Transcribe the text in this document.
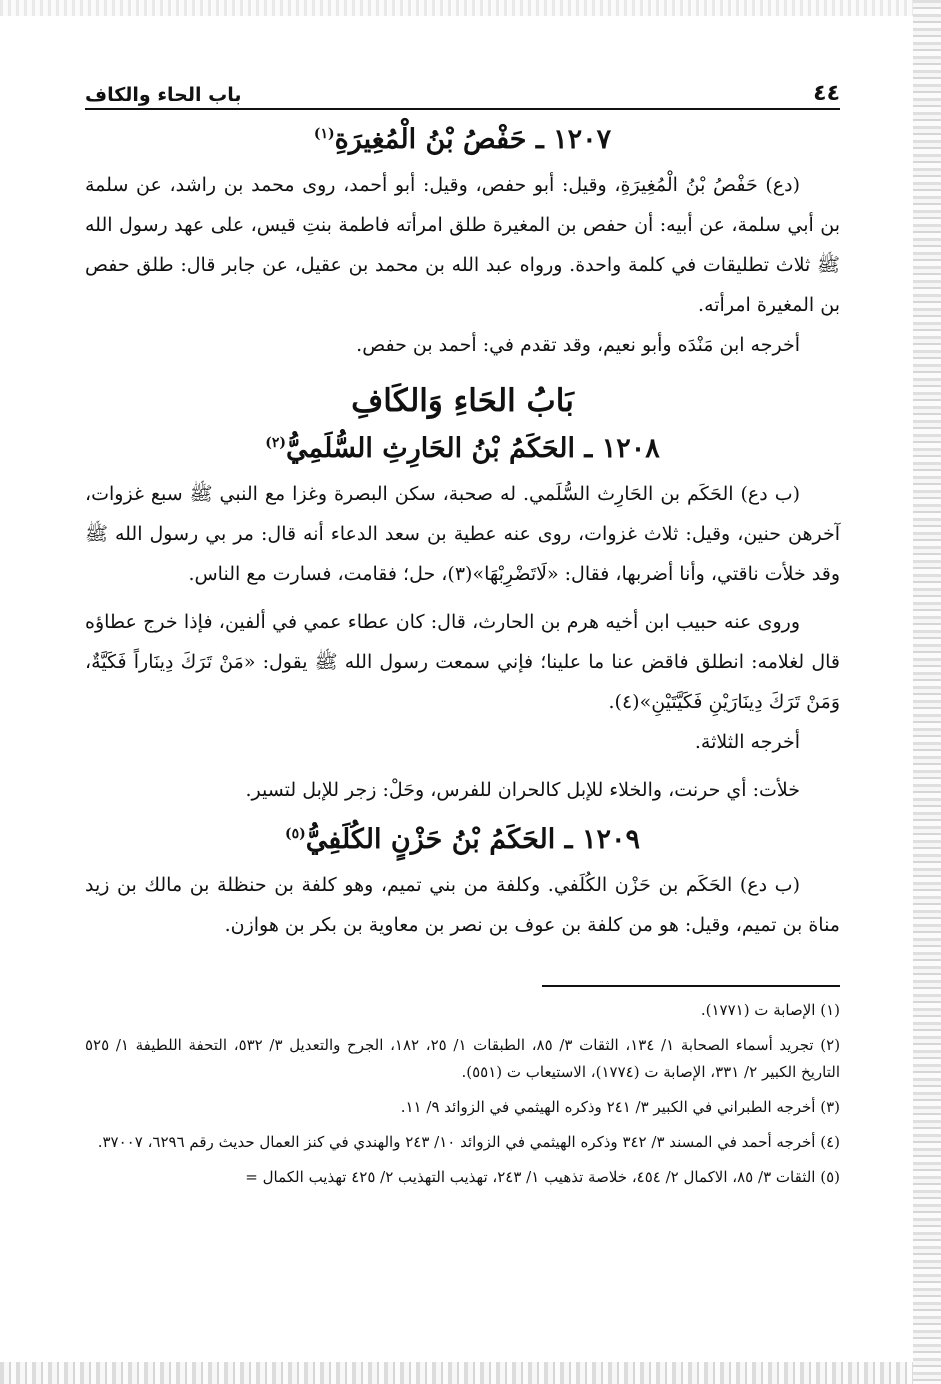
٤٤
باب الحاء والكاف
١٢٠٧ ـ حَفْصُ بْنُ الْمُغِيرَةِ$^{(١)}$

(دع) حَفْصُ بْنُ الْمُغِيرَةِ، وقيل: أبو حفص، وقيل: أبو أحمد، روى محمد بن راشد، عن سلمة بن أبي سلمة، عن أبيه: أن حفص بن المغيرة طلق امرأته فاطمة بنتِ قيس، على عهد رسول الله ﷺ ثلاث تطليقات في كلمة واحدة. ورواه عبد الله بن محمد بن عقيل، عن جابر قال: طلق حفص بن المغيرة امرأته.

أخرجه ابن مَنْدَه وأبو نعيم، وقد تقدم في: أحمد بن حفص.

بَابُ الحَاءِ وَالكَافِ
١٢٠٨ ـ الحَكَمُ بْنُ الحَارِثِ السُّلَمِيُّ$^{(٢)}$

(ب دع) الحَكَم بن الحَارِث السُّلَمي. له صحبة، سكن البصرة وغزا مع النبي ﷺ سبع غزوات، آخرهن حنين، وقيل: ثلاث غزوات، روى عنه عطية بن سعد الدعاء أنه قال: مر بي رسول الله ﷺ وقد خلأت ناقتي، وأنا أضربها، فقال: «لَاتَضْرِبْهَا»(٣)، حل؛ فقامت، فسارت مع الناس.

وروى عنه حبيب ابن أخيه هرم بن الحارث، قال: كان عطاء عمي في ألفين، فإذا خرج عطاؤه قال لغلامه: انطلق فاقض عنا ما علينا؛ فإني سمعت رسول الله ﷺ يقول: «مَنْ تَرَكَ دِينَاراً فَكَيَّةٌ، وَمَنْ تَرَكَ دِينَارَيْنِ فَكَيَّتَيْنِ»(٤).

أخرجه الثلاثة.

خلأت: أي حرنت، والخلاء للإبل كالحران للفرس، وحَلْ: زجر للإبل لتسير.

١٢٠٩ ـ الحَكَمُ بْنُ حَزْنٍ الكُلَفِيُّ$^{(٥)}$

(ب دع) الحَكَم بن حَزْن الكُلَفي. وكلفة من بني تميم، وهو كلفة بن حنظلة بن مالك بن زيد مناة بن تميم، وقيل: هو من كلفة بن عوف بن نصر بن معاوية بن بكر بن هوازن.

(١) الإصابة ت (١٧٧١).

(٢) تجريد أسماء الصحابة ١/ ١٣٤، الثقات ٣/ ٨٥، الطبقات ١/ ٢٥، ١٨٢، الجرح والتعديل ٣/ ٥٣٢، التحفة اللطيفة ١/ ٥٢٥ التاريخ الكبير ٢/ ٣٣١، الإصابة ت (١٧٧٤)، الاستيعاب ت (٥٥١).

(٣) أخرجه الطبراني في الكبير ٣/ ٢٤١ وذكره الهيثمي في الزوائد ٩/ ١١.

(٤) أخرجه أحمد في المسند ٣/ ٣٤٢ وذكره الهيثمي في الزوائد ١٠/ ٢٤٣ والهندي في كنز العمال حديث رقم ٦٢٩٦، ٣٧٠٠٧.

(٥) الثقات ٣/ ٨٥، الاكمال ٢/ ٤٥٤، خلاصة تذهيب ١/ ٢٤٣، تهذيب التهذيب ٢/ ٤٢٥ تهذيب الكمال =
